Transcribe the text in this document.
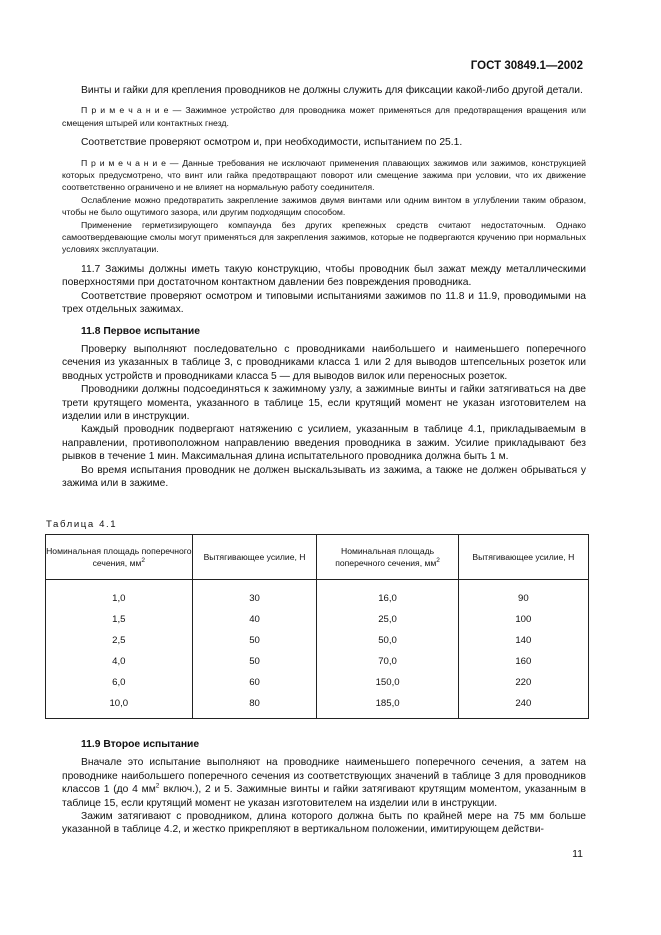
ГОСТ 30849.1—2002

Винты и гайки для крепления проводников не должны служить для фиксации какой-либо другой детали.

П р и м е ч а н и е — Зажимное устройство для проводника может применяться для предотвращения вращения или смещения штырей или контактных гнезд.

Соответствие проверяют осмотром и, при необходимости, испытанием по 25.1.

П р и м е ч а н и е — Данные требования не исключают применения плавающих зажимов или зажимов, конструкцией которых предусмотрено, что винт или гайка предотвращают поворот или смещение зажима при условии, что их движение соответственно ограничено и не влияет на нормальную работу соединителя.

Ослабление можно предотвратить закрепление зажимов двумя винтами или одним винтом в углублении таким образом, чтобы не было ощутимого зазора, или другим подходящим способом.

Применение герметизирующего компаунда без других крепежных средств считают недостаточным. Однако самоотвердевающие смолы могут применяться для закрепления зажимов, которые не подвергаются кручению при нормальных условиях эксплуатации.

11.7 Зажимы должны иметь такую конструкцию, чтобы проводник был зажат между металлическими поверхностями при достаточном контактном давлении без повреждения проводника.

Соответствие проверяют осмотром и типовыми испытаниями зажимов по 11.8 и 11.9, проводимыми на трех отдельных зажимах.

11.8 Первое испытание

Проверку выполняют последовательно с проводниками наибольшего и наименьшего поперечного сечения из указанных в таблице 3, с проводниками класса 1 или 2 для выводов штепсельных розеток или вводных устройств и проводниками класса 5 — для выводов вилок или переносных розеток.

Проводники должны подсоединяться к зажимному узлу, а зажимные винты и гайки затягиваться на две трети крутящего момента, указанного в таблице 15, если крутящий момент не указан изготовителем на изделии или в инструкции.

Каждый проводник подвергают натяжению с усилием, указанным в таблице 4.1, прикладываемым в направлении, противоположном направлению введения проводника в зажим. Усилие прикладывают без рывков в течение 1 мин. Максимальная длина испытательного проводника должна быть 1 м.

Во время испытания проводник не должен выскальзывать из зажима, а также не должен обрываться у зажима или в зажиме.

Таблица 4.1
Номинальная площадь поперечного сечения, $мм^2$	Вытягивающее усилие, Н	Номинальная площадь поперечного сечения, $мм^2$	Вытягивающее усилие, Н
1,0	30	16,0	90
1,5	40	25,0	100
2,5	50	50,0	140
4,0	50	70,0	160
6,0	60	150,0	220
10,0	80	185,0	240

11.9 Второе испытание

Вначале это испытание выполняют на проводнике наименьшего поперечного сечения, а затем на проводнике наибольшего поперечного сечения из соответствующих значений в таблице 3 для проводников классов 1 (до 4 $мм^2$ включ.), 2 и 5. Зажимные винты и гайки затягивают крутящим моментом, указанным в таблице 15, если крутящий момент не указан изготовителем на изделии или в инструкции.

Зажим затягивают с проводником, длина которого должна быть по крайней мере на 75 мм больше указанной в таблице 4.2, и жестко прикрепляют в вертикальном положении, имитирующем действи-

11
